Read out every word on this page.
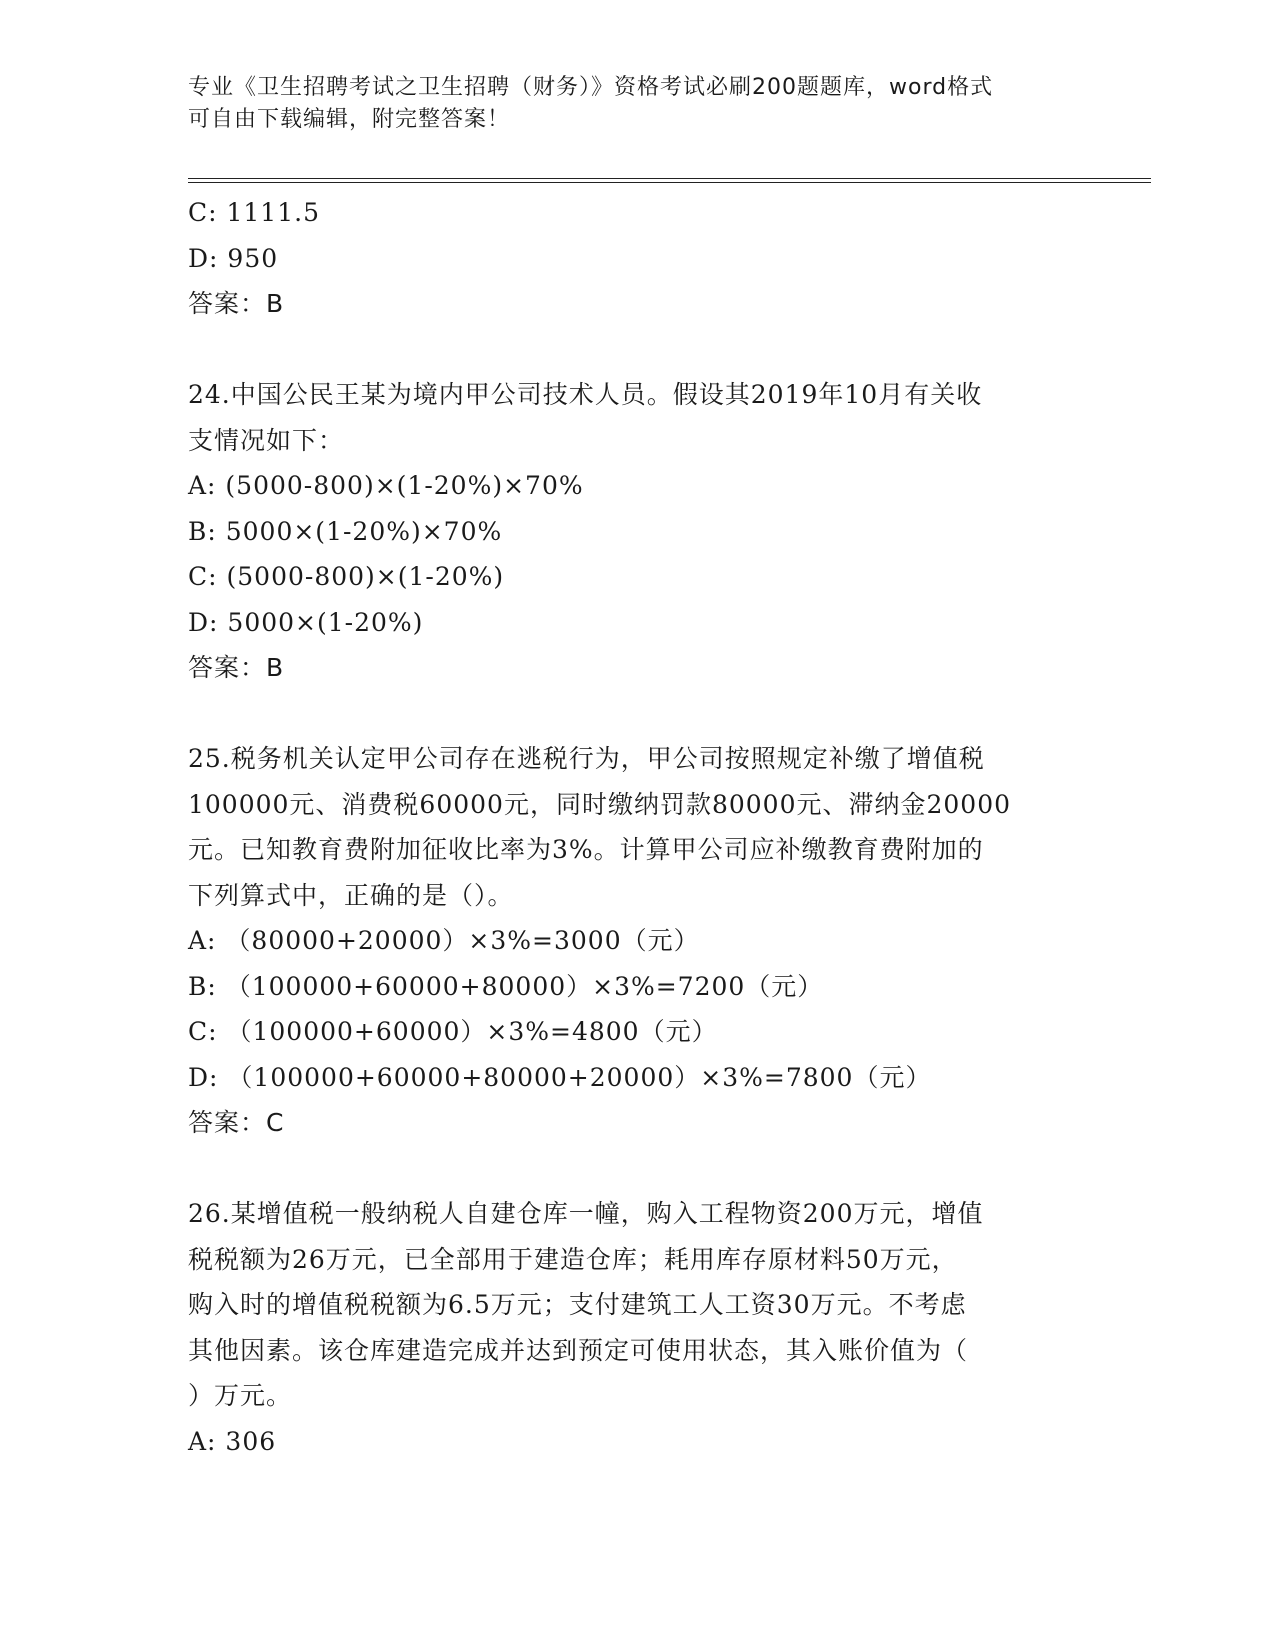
专业《卫生招聘考试之卫生招聘（财务）》资格考试必刷200题题库，word格式
可自由下载编辑，附完整答案！
C: 1111.5
D: 950
答案：B
24.中国公民王某为境内甲公司技术人员。假设其2019年10月有关收
支情况如下：
A: (5000-800)×(1-20%)×70%
B: 5000×(1-20%)×70%
C: (5000-800)×(1-20%)
D: 5000×(1-20%)
答案：B
25.税务机关认定甲公司存在逃税行为，甲公司按照规定补缴了增值税
100000元、消费税60000元，同时缴纳罚款80000元、滞纳金20000
元。已知教育费附加征收比率为3%。计算甲公司应补缴教育费附加的
下列算式中，正确的是（）。
A: （80000+20000）×3%=3000（元）
B: （100000+60000+80000）×3%=7200（元）
C: （100000+60000）×3%=4800（元）
D: （100000+60000+80000+20000）×3%=7800（元）
答案：C
26.某增值税一般纳税人自建仓库一幢，购入工程物资200万元，增值
税税额为26万元，已全部用于建造仓库；耗用库存原材料50万元，
购入时的增值税税额为6.5万元；支付建筑工人工资30万元。不考虑
其他因素。该仓库建造完成并达到预定可使用状态，其入账价值为（
）万元。
A: 306
